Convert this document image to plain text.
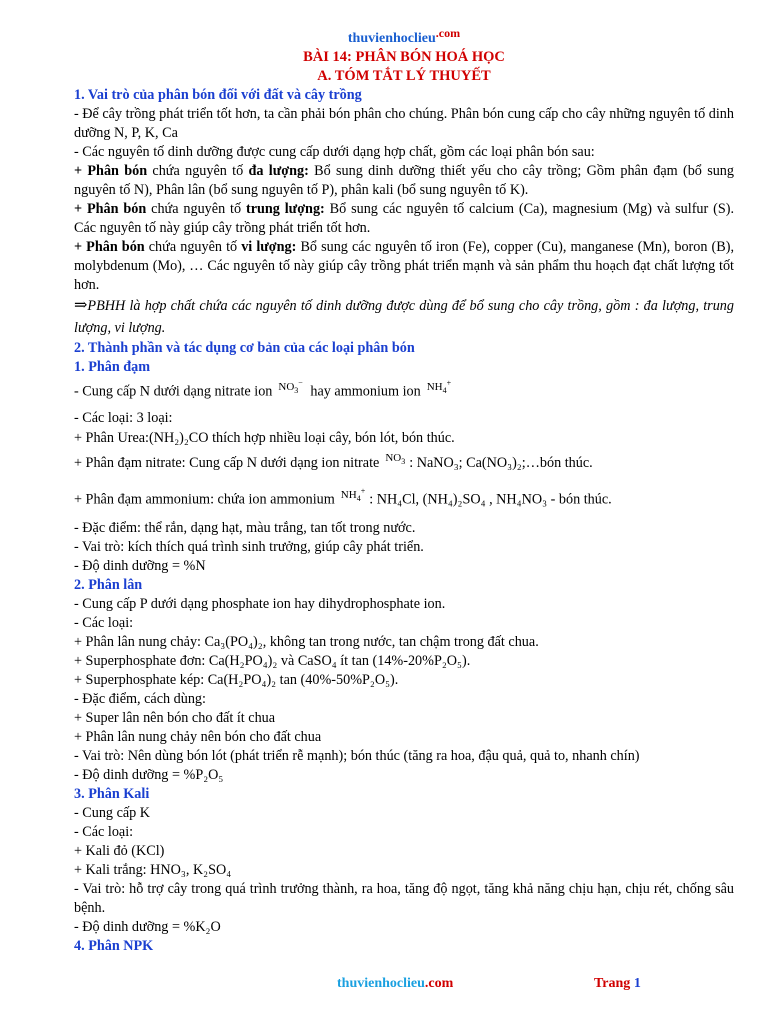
thuvienhoclieu$^{.com}$
BÀI 14: PHÂN BÓN HOÁ HỌC
A. TÓM TẮT LÝ THUYẾT
1. Vai trò của phân bón đối với đất và cây trồng
- Để cây trồng phát triển tốt hơn, ta cần phải bón phân cho chúng. Phân bón cung cấp cho cây những nguyên tố dinh dưỡng N, P, K, Ca
- Các nguyên tố dinh dưỡng được cung cấp dưới dạng hợp chất, gồm các loại phân bón sau:
+ Phân bón chứa nguyên tố đa lượng: Bổ sung dinh dưỡng thiết yếu cho cây trồng; Gồm phân đạm (bổ sung nguyên tố N), Phân lân (bổ sung nguyên tố P), phân kali (bổ sung nguyên tố K).
+ Phân bón chứa nguyên tố trung lượng: Bổ sung các nguyên tố calcium (Ca), magnesium (Mg) và sulfur (S). Các nguyên tố này giúp cây trồng phát triển tốt hơn.
+ Phân bón chứa nguyên tố vi lượng: Bổ sung các nguyên tố iron (Fe), copper (Cu), manganese (Mn), boron (B), molybdenum (Mo), … Các nguyên tố này giúp cây trồng phát triển mạnh và sản phẩm thu hoạch đạt chất lượng tốt hơn.
⇒PBHH là hợp chất chứa các nguyên tố dinh dưỡng được dùng để bổ sung cho cây trồng, gồm : đa lượng, trung lượng, vi lượng.
2. Thành phần và tác dụng cơ bản của các loại phân bón
1. Phân đạm
- Cung cấp N dưới dạng nitrate ion $^{NO_3^-}$ hay ammonium ion $^{NH_4^+}$
- Các loại: 3 loại:
+ Phân Urea:(NH₂)₂CO thích hợp nhiều loại cây, bón lót, bón thúc.
+ Phân đạm nitrate: Cung cấp N dưới dạng ion nitrate $^{NO_3}$ : NaNO₃; Ca(NO₃)₂;…bón thúc.
+ Phân đạm ammonium: chứa ion ammonium $^{NH_4^+}$: NH₄Cl, (NH₄)₂SO₄ , NH₄NO₃ - bón thúc.
- Đặc điểm: thể rắn, dạng hạt, màu trắng, tan tốt trong nước.
- Vai trò: kích thích quá trình sinh trưởng, giúp cây phát triển.
- Độ dinh dưỡng = %N
2. Phân lân
- Cung cấp P dưới dạng phosphate ion hay dihydrophosphate ion.
- Các loại:
+ Phân lân nung chảy: Ca₃(PO₄)₂, không tan trong nước, tan chậm trong đất chua.
+ Superphosphate đơn: Ca(H₂PO₄)₂ và CaSO₄ ít tan (14%-20%P₂O₅).
+ Superphosphate kép: Ca(H₂PO₄)₂ tan (40%-50%P₂O₅).
- Đặc điểm, cách dùng:
+ Super lân nên bón cho đất ít chua
+ Phân lân nung chảy nên bón cho đất chua
- Vai trò: Nên dùng bón lót (phát triển rễ mạnh); bón thúc (tăng ra hoa, đậu quả, quả to, nhanh chín)
- Độ dinh dưỡng = %P₂O₅
3. Phân Kali
- Cung cấp K
- Các loại:
+ Kali đỏ (KCl)
+ Kali trắng: HNO₃, K₂SO₄
- Vai trò: hỗ trợ cây trong quá trình trưởng thành, ra hoa, tăng độ ngọt, tăng khả năng chịu hạn, chịu rét, chống sâu bệnh.
- Độ dinh dưỡng = %K₂O
4. Phân NPK
thuvienhoclieu.com	Trang 1
